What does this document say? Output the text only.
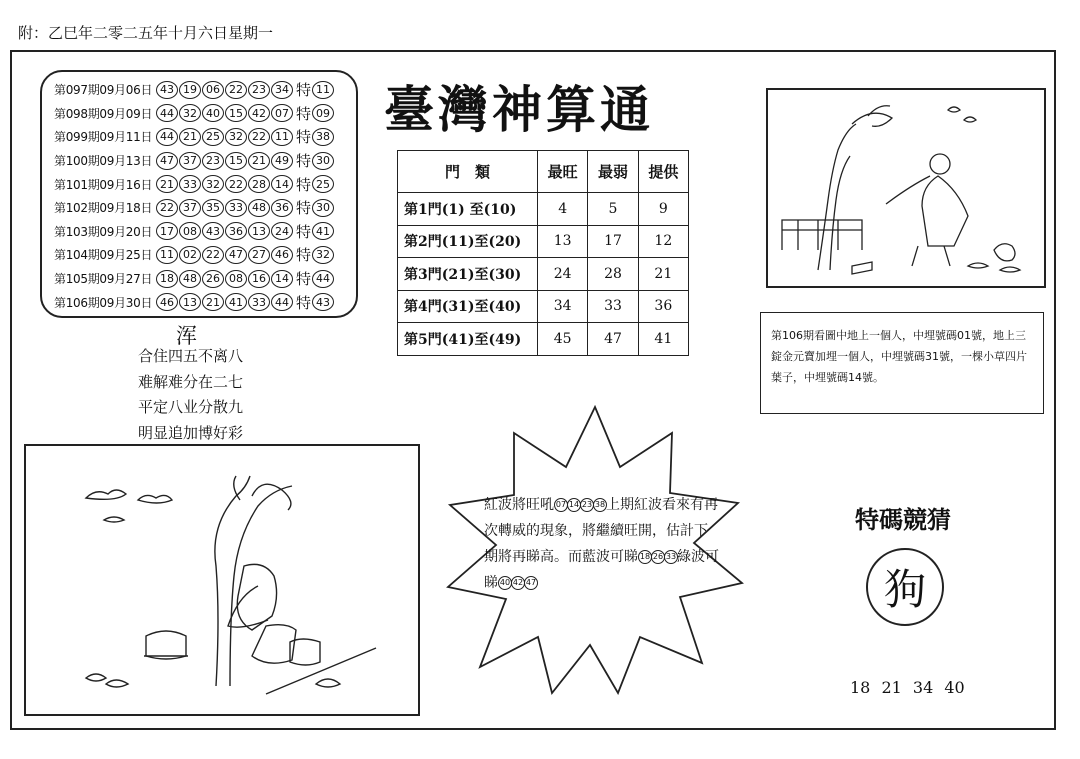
附：乙巳年二零二五年十月六日星期一
第097期09月06日 43 19 06 22 23 34 特 11
第098期09月09日 44 32 40 15 42 07 特 09
第099期09月11日 44 21 25 32 22 11 特 38
第100期09月13日 47 37 23 15 21 49 特 30
第101期09月16日 21 33 32 22 28 14 特 25
第102期09月18日 22 37 35 33 48 36 特 30
第103期09月20日 17 08 43 36 13 24 特 41
第104期09月25日 11 02 22 47 27 46 特 32
第105期09月27日 18 48 26 08 16 14 特 44
第106期09月30日 46 13 21 41 33 44 特 43
臺灣神算通
門　類	最旺	最弱	提供
第1門(1) 至(10)	4	5	9
第2門(11)至(20)	13	17	12
第3門(21)至(30)	24	28	21
第4門(31)至(40)	34	33	36
第5門(41)至(49)	45	47	41
浑
合住四五不离八
难解难分在二七
平定八业分散九
明显追加博好彩
第106期看圖中地上一個人，中埋號碼01號，地上三錠金元寶加埋一個人，中埋號碼31號，一棵小草四片葉子，中埋號碼14號。
紅波將旺吼 07 14 23 38上期紅波看來有再次轉威的現象，將繼續旺開，估計下期將再睇高。而藍波可睇 18 26 33綠波可睇 40 42 47
特碼競猜
狗
18 21 34 40
